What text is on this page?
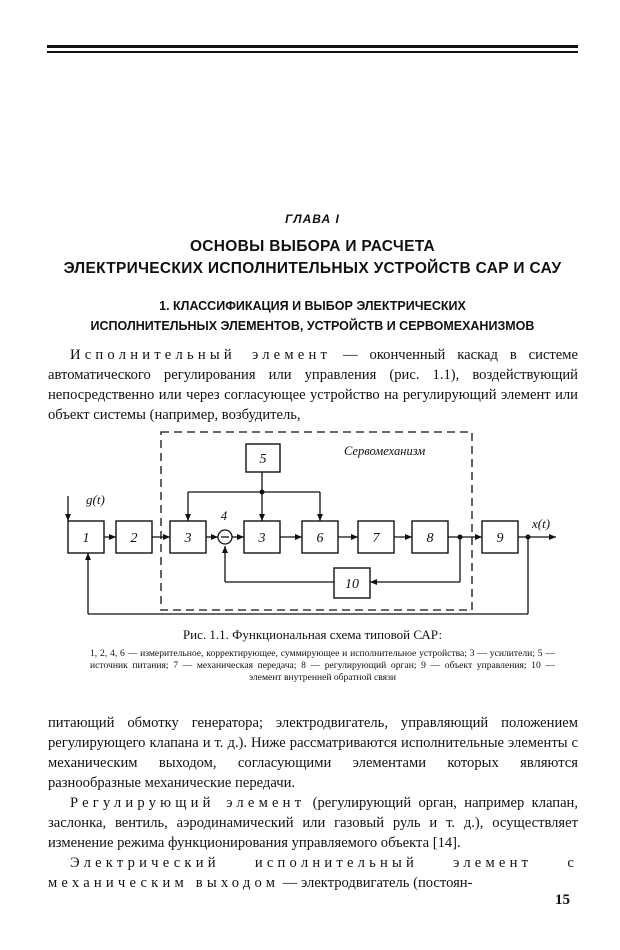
ГЛАВА I
ОСНОВЫ ВЫБОРА И РАСЧЕТА
ЭЛЕКТРИЧЕСКИХ ИСПОЛНИТЕЛЬНЫХ УСТРОЙСТВ САР И САУ
1. КЛАССИФИКАЦИЯ И ВЫБОР ЭЛЕКТРИЧЕСКИХ
ИСПОЛНИТЕЛЬНЫХ ЭЛЕМЕНТОВ, УСТРОЙСТВ И СЕРВОМЕХАНИЗМОВ

Исполнительный элемент — оконченный каскад в системе автоматического регулирования или управления (рис. 1.1), воздействующий непосредственно или через согласующее устройство на регулирующий элемент или объект системы (например, возбудитель,

1	2	3	3	6	7	8	9
5
10
Сервомеханизм
g(t)
x(t)
4
Рис. 1.1. Функциональная схема типовой САР:
1, 2, 4, 6 — измерительное, корректирующее, суммирующее и исполнительное устройства; 3 — усилители; 5 — источник питания; 7 — механическая передача; 8 — регулирующий орган; 9 — объект управления; 10 — элемент внутренней обратной связи

питающий обмотку генератора; электродвигатель, управляющий положением регулирующего клапана и т. д.). Ниже рассматриваются исполнительные элементы с механическим выходом, согласующими элементами которых являются разнообразные механические передачи.

Регулирующий элемент (регулирующий орган, например клапан, заслонка, вентиль, аэродинамический или газовый руль и т. д.), осуществляет изменение режима функционирования управляемого объекта [14].

Электрический исполнительный элемент с механическим выходом — электродвигатель (постоян-

15
